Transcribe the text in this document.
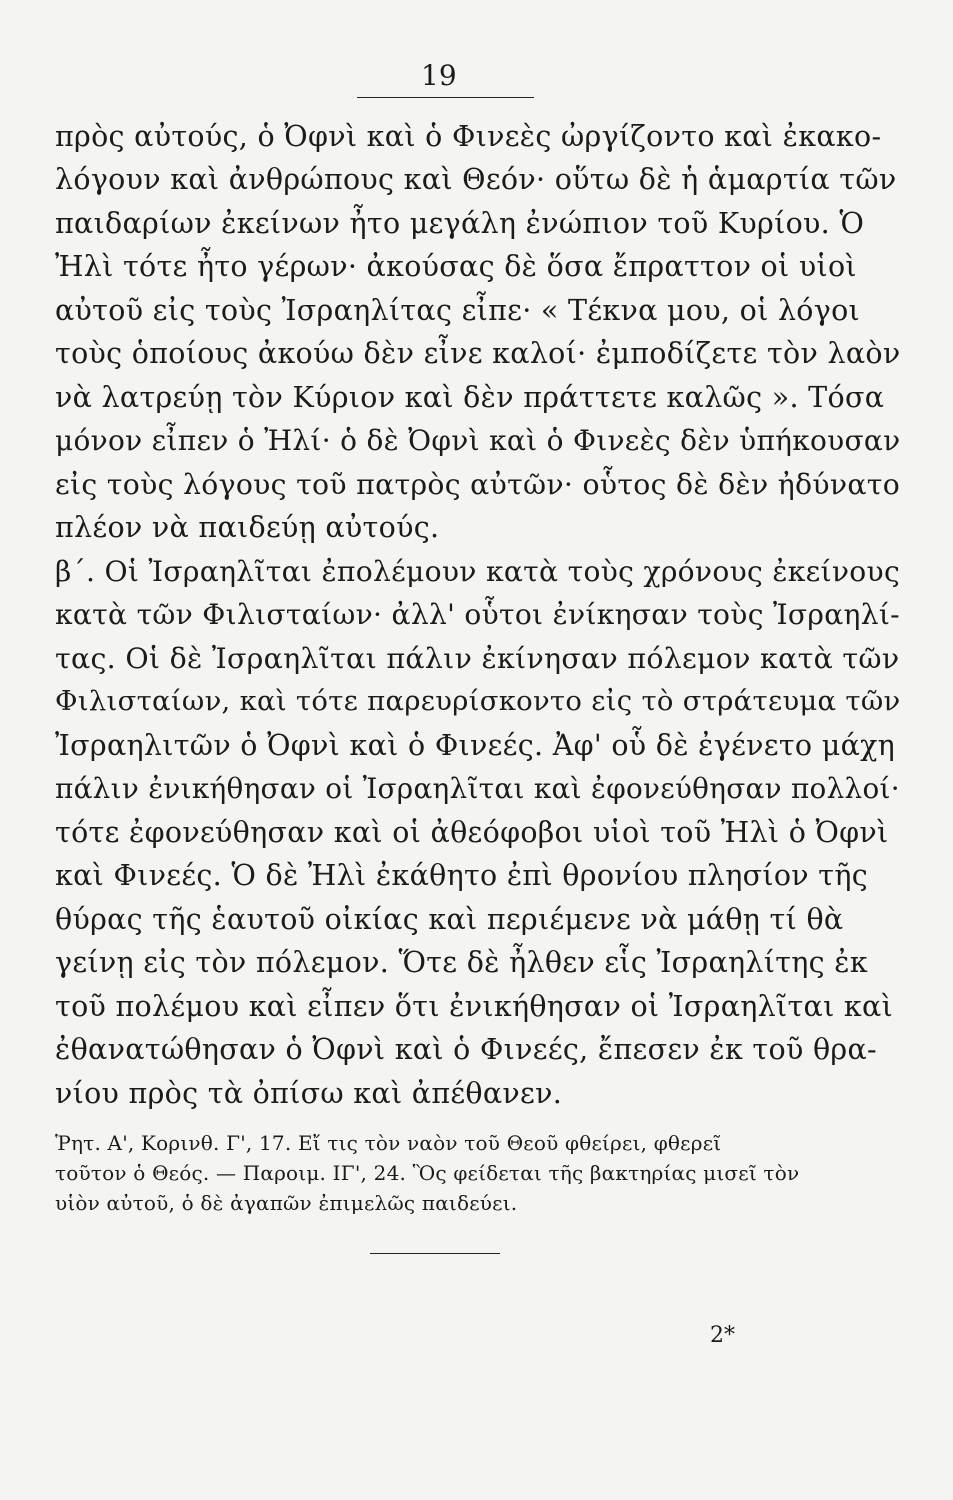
19
πρὸς αὐτούς, ὁ Ὀφνὶ καὶ ὁ Φινεὲς ὠργίζοντο καὶ ἐκακο-
λόγουν καὶ ἀνθρώπους καὶ Θεόν· οὕτω δὲ ἡ ἁμαρτία τῶν
παιδαρίων ἐκείνων ἦτο μεγάλη ἐνώπιον τοῦ Κυρίου. Ὁ
Ἠλὶ τότε ἦτο γέρων· ἀκούσας δὲ ὅσα ἔπραττον οἱ υἱοὶ
αὐτοῦ εἰς τοὺς Ἰσραηλίτας εἶπε· « Τέκνα μου, οἱ λόγοι
τοὺς ὁποίους ἀκούω δὲν εἶνε καλοί· ἐμποδίζετε τὸν λαὸν
νὰ λατρεύῃ τὸν Κύριον καὶ δὲν πράττετε καλῶς ». Τόσα
μόνον εἶπεν ὁ Ἠλί· ὁ δὲ Ὀφνὶ καὶ ὁ Φινεὲς δὲν ὑπήκουσαν
εἰς τοὺς λόγους τοῦ πατρὸς αὐτῶν· οὗτος δὲ δὲν ἠδύνατο
πλέον νὰ παιδεύῃ αὐτούς.
β΄. Οἱ Ἰσραηλῖται ἐπολέμουν κατὰ τοὺς χρόνους ἐκείνους
κατὰ τῶν Φιλισταίων· ἀλλ' οὗτοι ἐνίκησαν τοὺς Ἰσραηλί-
τας. Οἱ δὲ Ἰσραηλῖται πάλιν ἐκίνησαν πόλεμον κατὰ τῶν
Φιλισταίων, καὶ τότε παρευρίσκοντο εἰς τὸ στράτευμα τῶν
Ἰσραηλιτῶν ὁ Ὀφνὶ καὶ ὁ Φινεές. Ἀφ' οὗ δὲ ἐγένετο μάχη
πάλιν ἐνικήθησαν οἱ Ἰσραηλῖται καὶ ἐφονεύθησαν πολλοί·
τότε ἐφονεύθησαν καὶ οἱ ἀθεόφοβοι υἱοὶ τοῦ Ἠλὶ ὁ Ὀφνὶ
καὶ Φινεές. Ὁ δὲ Ἠλὶ ἐκάθητο ἐπὶ θρονίου πλησίον τῆς
θύρας τῆς ἑαυτοῦ οἰκίας καὶ περιέμενε νὰ μάθῃ τί θὰ
γείνῃ εἰς τὸν πόλεμον. Ὅτε δὲ ἦλθεν εἷς Ἰσραηλίτης ἐκ
τοῦ πολέμου καὶ εἶπεν ὅτι ἐνικήθησαν οἱ Ἰσραηλῖται καὶ
ἐθανατώθησαν ὁ Ὀφνὶ καὶ ὁ Φινεές, ἔπεσεν ἐκ τοῦ θρα-
νίου πρὸς τὰ ὀπίσω καὶ ἀπέθανεν.
Ῥητ. Α', Κορινθ. Γ', 17. Εἴ τις τὸν ναὸν τοῦ Θεοῦ φθείρει, φθερεῖ
τοῦτον ὁ Θεός. — Παροιμ. ΙΓ', 24. Ὃς φείδεται τῆς βακτηρίας μισεῖ τὸν
υἱὸν αὐτοῦ, ὁ δὲ ἀγαπῶν ἐπιμελῶς παιδεύει.
2*
